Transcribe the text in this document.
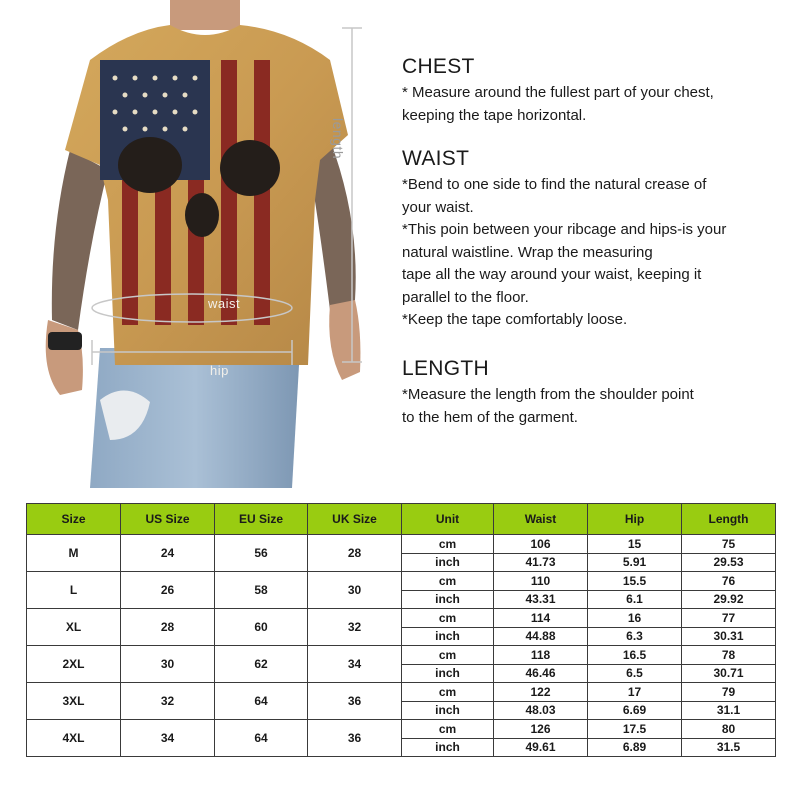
waist
hip
length
CHEST

* Measure around the fullest part of your chest,

keeping the tape horizontal.

WAIST

*Bend to one side to find the natural crease of

your waist.

*This poin between your ribcage and hips-is your

natural waistline. Wrap the measuring

tape all the way around your waist, keeping it

parallel to the floor.

*Keep the tape comfortably loose.

LENGTH

*Measure the length from the shoulder point

to the hem of the garment.

Size	US Size	EU Size	UK Size	Unit	Waist	Hip	Length
M	24	56	28	cm	106	15	75
				inch	41.73	5.91	29.53
L	26	58	30	cm	110	15.5	76
				inch	43.31	6.1	29.92
XL	28	60	32	cm	114	16	77
				inch	44.88	6.3	30.31
2XL	30	62	34	cm	118	16.5	78
				inch	46.46	6.5	30.71
3XL	32	64	36	cm	122	17	79
				inch	48.03	6.69	31.1
4XL	34	64	36	cm	126	17.5	80
				inch	49.61	6.89	31.5
